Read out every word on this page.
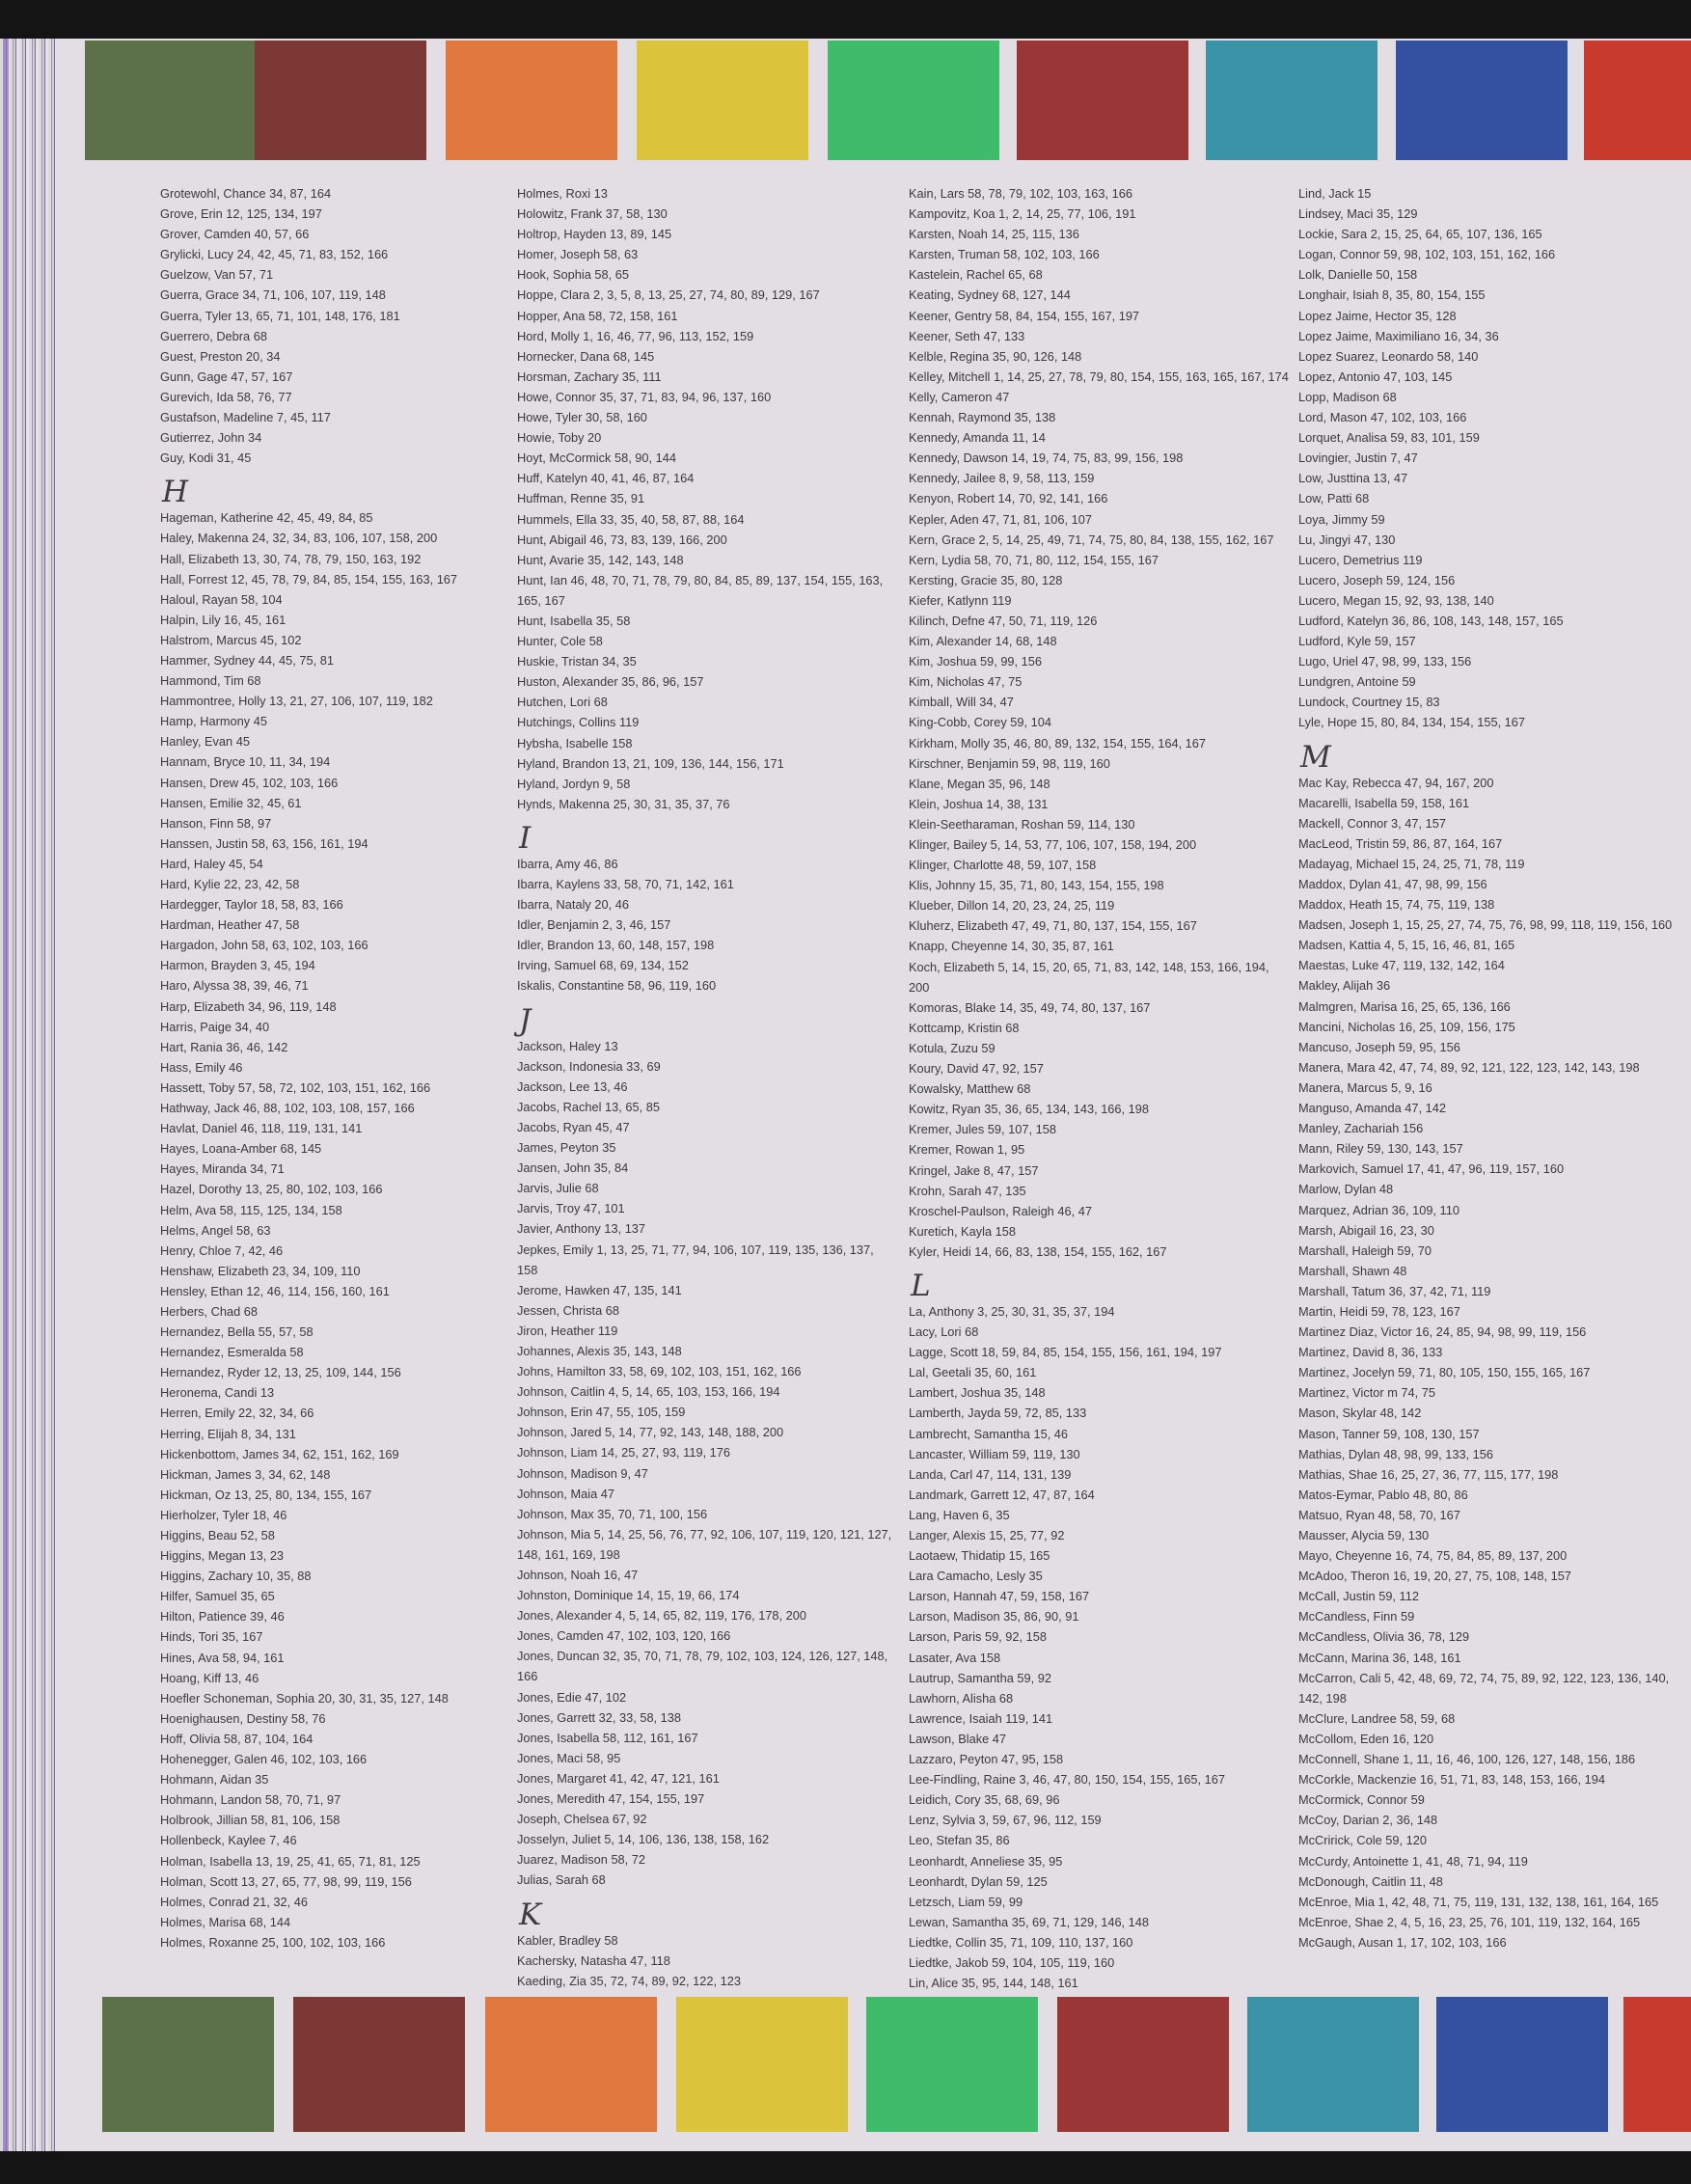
Grotewohl, Chance 34, 87, 164
Grove, Erin 12, 125, 134, 197
Grover, Camden 40, 57, 66
Grylicki, Lucy 24, 42, 45, 71, 83, 152, 166
Guelzow, Van 57, 71
Guerra, Grace 34, 71, 106, 107, 119, 148
Guerra, Tyler 13, 65, 71, 101, 148, 176, 181
Guerrero, Debra 68
Guest, Preston 20, 34
Gunn, Gage 47, 57, 167
Gurevich, Ida 58, 76, 77
Gustafson, Madeline 7, 45, 117
Gutierrez, John 34
Guy, Kodi 31, 45
H
Hageman, Katherine 42, 45, 49, 84, 85
Haley, Makenna 24, 32, 34, 83, 106, 107, 158, 200
Hall, Elizabeth 13, 30, 74, 78, 79, 150, 163, 192
Hall, Forrest 12, 45, 78, 79, 84, 85, 154, 155, 163, 167
Haloul, Rayan 58, 104
Halpin, Lily 16, 45, 161
Halstrom, Marcus 45, 102
Hammer, Sydney 44, 45, 75, 81
Hammond, Tim 68
Hammontree, Holly 13, 21, 27, 106, 107, 119, 182
Hamp, Harmony 45
Hanley, Evan 45
Hannam, Bryce 10, 11, 34, 194
Hansen, Drew 45, 102, 103, 166
Hansen, Emilie 32, 45, 61
Hanson, Finn 58, 97
Hanssen, Justin 58, 63, 156, 161, 194
Hard, Haley 45, 54
Hard, Kylie 22, 23, 42, 58
Hardegger, Taylor 18, 58, 83, 166
Hardman, Heather 47, 58
Hargadon, John 58, 63, 102, 103, 166
Harmon, Brayden 3, 45, 194
Haro, Alyssa 38, 39, 46, 71
Harp, Elizabeth 34, 96, 119, 148
Harris, Paige 34, 40
Hart, Rania 36, 46, 142
Hass, Emily 46
Hassett, Toby 57, 58, 72, 102, 103, 151, 162, 166
Hathway, Jack 46, 88, 102, 103, 108, 157, 166
Havlat, Daniel 46, 118, 119, 131, 141
Hayes, Loana-Amber 68, 145
Hayes, Miranda 34, 71
Hazel, Dorothy 13, 25, 80, 102, 103, 166
Helm, Ava 58, 115, 125, 134, 158
Helms, Angel 58, 63
Henry, Chloe 7, 42, 46
Henshaw, Elizabeth 23, 34, 109, 110
Hensley, Ethan 12, 46, 114, 156, 160, 161
Herbers, Chad 68
Hernandez, Bella 55, 57, 58
Hernandez, Esmeralda 58
Hernandez, Ryder 12, 13, 25, 109, 144, 156
Heronema, Candi 13
Herren, Emily 22, 32, 34, 66
Herring, Elijah 8, 34, 131
Hickenbottom, James 34, 62, 151, 162, 169
Hickman, James 3, 34, 62, 148
Hickman, Oz 13, 25, 80, 134, 155, 167
Hierholzer, Tyler 18, 46
Higgins, Beau 52, 58
Higgins, Megan 13, 23
Higgins, Zachary 10, 35, 88
Hilfer, Samuel 35, 65
Hilton, Patience 39, 46
Hinds, Tori 35, 167
Hines, Ava 58, 94, 161
Hoang, Kiff 13, 46
Hoefler Schoneman, Sophia 20, 30, 31, 35, 127, 148
Hoenighausen, Destiny 58, 76
Hoff, Olivia 58, 87, 104, 164
Hohenegger, Galen 46, 102, 103, 166
Hohmann, Aidan 35
Hohmann, Landon 58, 70, 71, 97
Holbrook, Jillian 58, 81, 106, 158
Hollenbeck, Kaylee 7, 46
Holman, Isabella 13, 19, 25, 41, 65, 71, 81, 125
Holman, Scott 13, 27, 65, 77, 98, 99, 119, 156
Holmes, Conrad 21, 32, 46
Holmes, Marisa 68, 144
Holmes, Roxanne 25, 100, 102, 103, 166
Holmes, Roxi 13
Holowitz, Frank 37, 58, 130
Holtrop, Hayden 13, 89, 145
Homer, Joseph 58, 63
Hook, Sophia 58, 65
Hoppe, Clara 2, 3, 5, 8, 13, 25, 27, 74, 80, 89, 129, 167
Hopper, Ana 58, 72, 158, 161
Hord, Molly 1, 16, 46, 77, 96, 113, 152, 159
Hornecker, Dana 68, 145
Horsman, Zachary 35, 111
Howe, Connor 35, 37, 71, 83, 94, 96, 137, 160
Howe, Tyler 30, 58, 160
Howie, Toby 20
Hoyt, McCormick 58, 90, 144
Huff, Katelyn 40, 41, 46, 87, 164
Huffman, Renne 35, 91
Hummels, Ella 33, 35, 40, 58, 87, 88, 164
Hunt, Abigail 46, 73, 83, 139, 166, 200
Hunt, Avarie 35, 142, 143, 148
Hunt, Ian 46, 48, 70, 71, 78, 79, 80, 84, 85, 89, 137, 154, 155, 163, 165, 167
Hunt, Isabella 35, 58
Hunter, Cole 58
Huskie, Tristan 34, 35
Huston, Alexander 35, 86, 96, 157
Hutchen, Lori 68
Hutchings, Collins 119
Hybsha, Isabelle 158
Hyland, Brandon 13, 21, 109, 136, 144, 156, 171
Hyland, Jordyn 9, 58
Hynds, Makenna 25, 30, 31, 35, 37, 76
I
Ibarra, Amy 46, 86
Ibarra, Kaylens 33, 58, 70, 71, 142, 161
Ibarra, Nataly 20, 46
Idler, Benjamin 2, 3, 46, 157
Idler, Brandon 13, 60, 148, 157, 198
Irving, Samuel 68, 69, 134, 152
Iskalis, Constantine 58, 96, 119, 160
J
Jackson, Haley 13
Jackson, Indonesia 33, 69
Jackson, Lee 13, 46
Jacobs, Rachel 13, 65, 85
Jacobs, Ryan 45, 47
James, Peyton 35
Jansen, John 35, 84
Jarvis, Julie 68
Jarvis, Troy 47, 101
Javier, Anthony 13, 137
Jepkes, Emily 1, 13, 25, 71, 77, 94, 106, 107, 119, 135, 136, 137, 158
Jerome, Hawken 47, 135, 141
Jessen, Christa 68
Jiron, Heather 119
Johannes, Alexis 35, 143, 148
Johns, Hamilton 33, 58, 69, 102, 103, 151, 162, 166
Johnson, Caitlin 4, 5, 14, 65, 103, 153, 166, 194
Johnson, Erin 47, 55, 105, 159
Johnson, Jared 5, 14, 77, 92, 143, 148, 188, 200
Johnson, Liam 14, 25, 27, 93, 119, 176
Johnson, Madison 9, 47
Johnson, Maia 47
Johnson, Max 35, 70, 71, 100, 156
Johnson, Mia 5, 14, 25, 56, 76, 77, 92, 106, 107, 119, 120, 121, 127, 148, 161, 169, 198
Johnson, Noah 16, 47
Johnston, Dominique 14, 15, 19, 66, 174
Jones, Alexander 4, 5, 14, 65, 82, 119, 176, 178, 200
Jones, Camden 47, 102, 103, 120, 166
Jones, Duncan 32, 35, 70, 71, 78, 79, 102, 103, 124, 126, 127, 148, 166
Jones, Edie 47, 102
Jones, Garrett 32, 33, 58, 138
Jones, Isabella 58, 112, 161, 167
Jones, Maci 58, 95
Jones, Margaret 41, 42, 47, 121, 161
Jones, Meredith 47, 154, 155, 197
Joseph, Chelsea 67, 92
Josselyn, Juliet 5, 14, 106, 136, 138, 158, 162
Juarez, Madison 58, 72
Julias, Sarah 68
K
Kabler, Bradley 58
Kachersky, Natasha 47, 118
Kaeding, Zia 35, 72, 74, 89, 92, 122, 123
Kain, Lars 58, 78, 79, 102, 103, 163, 166
Kampovitz, Koa 1, 2, 14, 25, 77, 106, 191
Karsten, Noah 14, 25, 115, 136
Karsten, Truman 58, 102, 103, 166
Kastelein, Rachel 65, 68
Keating, Sydney 68, 127, 144
Keener, Gentry 58, 84, 154, 155, 167, 197
Keener, Seth 47, 133
Kelble, Regina 35, 90, 126, 148
Kelley, Mitchell 1, 14, 25, 27, 78, 79, 80, 154, 155, 163, 165, 167, 174
Kelly, Cameron 47
Kennah, Raymond 35, 138
Kennedy, Amanda 11, 14
Kennedy, Dawson 14, 19, 74, 75, 83, 99, 156, 198
Kennedy, Jailee 8, 9, 58, 113, 159
Kenyon, Robert 14, 70, 92, 141, 166
Kepler, Aden 47, 71, 81, 106, 107
Kern, Grace 2, 5, 14, 25, 49, 71, 74, 75, 80, 84, 138, 155, 162, 167
Kern, Lydia 58, 70, 71, 80, 112, 154, 155, 167
Kersting, Gracie 35, 80, 128
Kiefer, Katlynn 119
Kilinch, Defne 47, 50, 71, 119, 126
Kim, Alexander 14, 68, 148
Kim, Joshua 59, 99, 156
Kim, Nicholas 47, 75
Kimball, Will 34, 47
King-Cobb, Corey 59, 104
Kirkham, Molly 35, 46, 80, 89, 132, 154, 155, 164, 167
Kirschner, Benjamin 59, 98, 119, 160
Klane, Megan 35, 96, 148
Klein, Joshua 14, 38, 131
Klein-Seetharaman, Roshan 59, 114, 130
Klinger, Bailey 5, 14, 53, 77, 106, 107, 158, 194, 200
Klinger, Charlotte 48, 59, 107, 158
Klis, Johnny 15, 35, 71, 80, 143, 154, 155, 198
Klueber, Dillon 14, 20, 23, 24, 25, 119
Kluherz, Elizabeth 47, 49, 71, 80, 137, 154, 155, 167
Knapp, Cheyenne 14, 30, 35, 87, 161
Koch, Elizabeth 5, 14, 15, 20, 65, 71, 83, 142, 148, 153, 166, 194, 200
Komoras, Blake 14, 35, 49, 74, 80, 137, 167
Kottcamp, Kristin 68
Kotula, Zuzu 59
Koury, David 47, 92, 157
Kowalsky, Matthew 68
Kowitz, Ryan 35, 36, 65, 134, 143, 166, 198
Kremer, Jules 59, 107, 158
Kremer, Rowan 1, 95
Kringel, Jake 8, 47, 157
Krohn, Sarah 47, 135
Kroschel-Paulson, Raleigh 46, 47
Kuretich, Kayla 158
Kyler, Heidi 14, 66, 83, 138, 154, 155, 162, 167
L
La, Anthony 3, 25, 30, 31, 35, 37, 194
Lacy, Lori 68
Lagge, Scott 18, 59, 84, 85, 154, 155, 156, 161, 194, 197
Lal, Geetali 35, 60, 161
Lambert, Joshua 35, 148
Lamberth, Jayda 59, 72, 85, 133
Lambrecht, Samantha 15, 46
Lancaster, William 59, 119, 130
Landa, Carl 47, 114, 131, 139
Landmark, Garrett 12, 47, 87, 164
Lang, Haven 6, 35
Langer, Alexis 15, 25, 77, 92
Laotaew, Thidatip 15, 165
Lara Camacho, Lesly 35
Larson, Hannah 47, 59, 158, 167
Larson, Madison 35, 86, 90, 91
Larson, Paris 59, 92, 158
Lasater, Ava 158
Lautrup, Samantha 59, 92
Lawhorn, Alisha 68
Lawrence, Isaiah 119, 141
Lawson, Blake 47
Lazzaro, Peyton 47, 95, 158
Lee-Findling, Raine 3, 46, 47, 80, 150, 154, 155, 165, 167
Leidich, Cory 35, 68, 69, 96
Lenz, Sylvia 3, 59, 67, 96, 112, 159
Leo, Stefan 35, 86
Leonhardt, Anneliese 35, 95
Leonhardt, Dylan 59, 125
Letzsch, Liam 59, 99
Lewan, Samantha 35, 69, 71, 129, 146, 148
Liedtke, Collin 35, 71, 109, 110, 137, 160
Liedtke, Jakob 59, 104, 105, 119, 160
Lin, Alice 35, 95, 144, 148, 161
Lind, Jack 15
Lindsey, Maci 35, 129
Lockie, Sara 2, 15, 25, 64, 65, 107, 136, 165
Logan, Connor 59, 98, 102, 103, 151, 162, 166
Lolk, Danielle 50, 158
Longhair, Isiah 8, 35, 80, 154, 155
Lopez Jaime, Hector 35, 128
Lopez Jaime, Maximiliano 16, 34, 36
Lopez Suarez, Leonardo 58, 140
Lopez, Antonio 47, 103, 145
Lopp, Madison 68
Lord, Mason 47, 102, 103, 166
Lorquet, Analisa 59, 83, 101, 159
Lovingier, Justin 7, 47
Low, Justtina 13, 47
Low, Patti 68
Loya, Jimmy 59
Lu, Jingyi 47, 130
Lucero, Demetrius 119
Lucero, Joseph 59, 124, 156
Lucero, Megan 15, 92, 93, 138, 140
Ludford, Katelyn 36, 86, 108, 143, 148, 157, 165
Ludford, Kyle 59, 157
Lugo, Uriel 47, 98, 99, 133, 156
Lundgren, Antoine 59
Lundock, Courtney 15, 83
Lyle, Hope 15, 80, 84, 134, 154, 155, 167
M
Mac Kay, Rebecca 47, 94, 167, 200
Macarelli, Isabella 59, 158, 161
Mackell, Connor 3, 47, 157
MacLeod, Tristin 59, 86, 87, 164, 167
Madayag, Michael 15, 24, 25, 71, 78, 119
Maddox, Dylan 41, 47, 98, 99, 156
Maddox, Heath 15, 74, 75, 119, 138
Madsen, Joseph 1, 15, 25, 27, 74, 75, 76, 98, 99, 118, 119, 156, 160
Madsen, Kattia 4, 5, 15, 16, 46, 81, 165
Maestas, Luke 47, 119, 132, 142, 164
Makley, Alijah 36
Malmgren, Marisa 16, 25, 65, 136, 166
Mancini, Nicholas 16, 25, 109, 156, 175
Mancuso, Joseph 59, 95, 156
Manera, Mara 42, 47, 74, 89, 92, 121, 122, 123, 142, 143, 198
Manera, Marcus 5, 9, 16
Manguso, Amanda 47, 142
Manley, Zachariah 156
Mann, Riley 59, 130, 143, 157
Markovich, Samuel 17, 41, 47, 96, 119, 157, 160
Marlow, Dylan 48
Marquez, Adrian 36, 109, 110
Marsh, Abigail 16, 23, 30
Marshall, Haleigh 59, 70
Marshall, Shawn 48
Marshall, Tatum 36, 37, 42, 71, 119
Martin, Heidi 59, 78, 123, 167
Martinez Diaz, Victor 16, 24, 85, 94, 98, 99, 119, 156
Martinez, David 8, 36, 133
Martinez, Jocelyn 59, 71, 80, 105, 150, 155, 165, 167
Martinez, Victor m 74, 75
Mason, Skylar 48, 142
Mason, Tanner 59, 108, 130, 157
Mathias, Dylan 48, 98, 99, 133, 156
Mathias, Shae 16, 25, 27, 36, 77, 115, 177, 198
Matos-Eymar, Pablo 48, 80, 86
Matsuo, Ryan 48, 58, 70, 167
Mausser, Alycia 59, 130
Mayo, Cheyenne 16, 74, 75, 84, 85, 89, 137, 200
McAdoo, Theron 16, 19, 20, 27, 75, 108, 148, 157
McCall, Justin 59, 112
McCandless, Finn 59
McCandless, Olivia 36, 78, 129
McCann, Marina 36, 148, 161
McCarron, Cali 5, 42, 48, 69, 72, 74, 75, 89, 92, 122, 123, 136, 140, 142, 198
McClure, Landree 58, 59, 68
McCollom, Eden 16, 120
McConnell, Shane 1, 11, 16, 46, 100, 126, 127, 148, 156, 186
McCorkle, Mackenzie 16, 51, 71, 83, 148, 153, 166, 194
McCormick, Connor 59
McCoy, Darian 2, 36, 148
McCririck, Cole 59, 120
McCurdy, Antoinette 1, 41, 48, 71, 94, 119
McDonough, Caitlin 11, 48
McEnroe, Mia 1, 42, 48, 71, 75, 119, 131, 132, 138, 161, 164, 165
McEnroe, Shae 2, 4, 5, 16, 23, 25, 76, 101, 119, 132, 164, 165
McGaugh, Ausan 1, 17, 102, 103, 166
